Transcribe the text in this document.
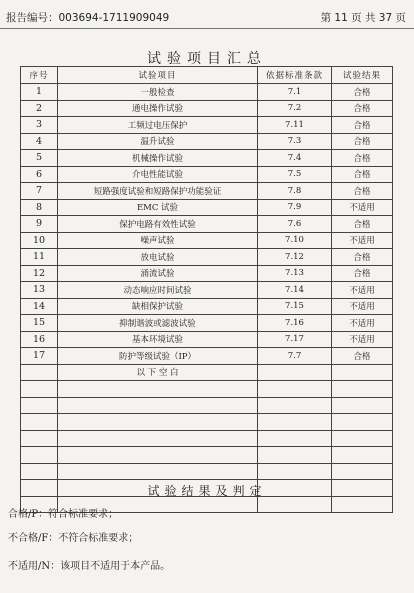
报告编号：003694-1711909049	第 11 页 共 37 页
试验项目汇总
序号	试验项目	依据标准条款	试验结果
1	一般检查	7.1	合格
2	通电操作试验	7.2	合格
3	工频过电压保护	7.11	合格
4	温升试验	7.3	合格
5	机械操作试验	7.4	合格
6	介电性能试验	7.5	合格
7	短路强度试验和短路保护功能验证	7.8	合格
8	EMC 试验	7.9	不适用
9	保护电路有效性试验	7.6	合格
10	噪声试验	7.10	不适用
11	放电试验	7.12	合格
12	涌流试验	7.13	合格
13	动态响应时间试验	7.14	不适用
14	缺相保护试验	7.15	不适用
15	抑制谐波或滤波试验	7.16	不适用
16	基本环境试验	7.17	不适用
17	防护等级试验（IP）	7.7	合格
	以 下 空 白		

试验结果及判定
合格/P：符合标准要求；
不合格/F：不符合标准要求；
不适用/N：该项目不适用于本产品。
